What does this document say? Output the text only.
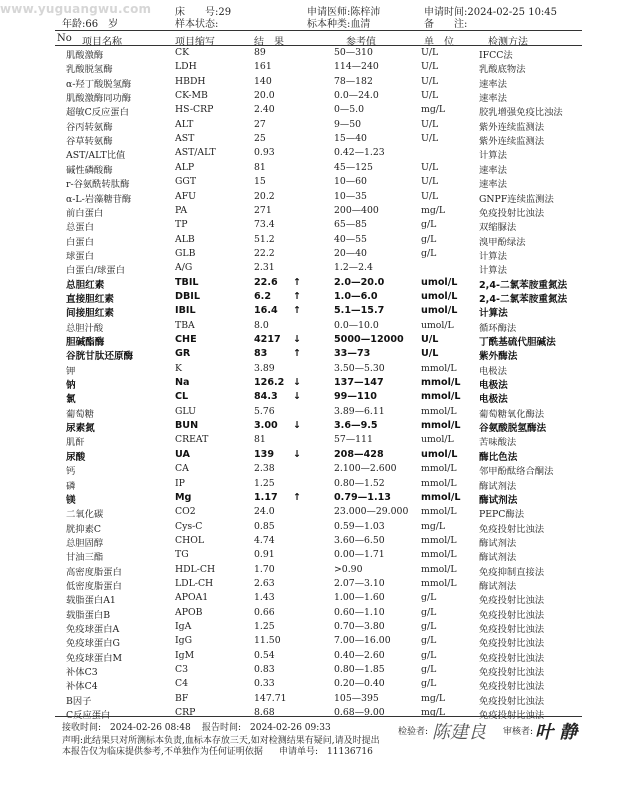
www.yuguangwu.com 床　　号:29	申请医师:陈梓沛	申请时间:2024-02-25 10:45
年龄:66　岁	样本状态:	标本种类:血清	备　　注:
No 项目名称	项目缩写	结　果	参考值	单　位	检测方法
肌酸激酶	CK	89	50—310	U/L	IFCC法
乳酸脱氢酶	LDH	161	114—240	U/L	乳酸底物法
α-羟丁酸脱氢酶	HBDH	140	78—182	U/L	速率法
肌酸激酶同功酶	CK-MB	20.0	0.0—24.0	U/L	速率法
超敏C反应蛋白	HS-CRP	2.40	0—5.0	mg/L	胶乳增强免疫比浊法
谷丙转氨酶	ALT	27	9—50	U/L	紫外连续监测法
谷草转氨酶	AST	25	15—40	U/L	紫外连续监测法
AST/ALT比值	AST/ALT	0.93	0.42—1.23	计算法
碱性磷酸酶	ALP	81	45—125	U/L	速率法
r-谷氨酰转肽酶	GGT	15	10—60	U/L	速率法
α-L-岩藻糖苷酶	AFU	20.2	10—35	U/L	GNPF连续监测法
前白蛋白	PA	271	200—400	mg/L	免疫投射比浊法
总蛋白	TP	73.4	65—85	g/L	双缩脲法
白蛋白	ALB	51.2	40—55	g/L	溴甲酚绿法
球蛋白	GLB	22.2	20—40	g/L	计算法
白蛋白/球蛋白	A/G	2.31	1.2—2.4	计算法
总胆红素	TBIL	22.6 ↑	2.0—20.0	umol/L 2,4-二氯苯胺重氮法
直接胆红素	DBIL	6.2 ↑	1.0—6.0	umol/L 2,4-二氯苯胺重氮法
间接胆红素	IBIL	16.4 ↑	5.1—15.7	umol/L 计算法
总胆汁酸	TBA	8.0	0.0—10.0	umol/L	循环酶法
胆碱酯酶	CHE	4217 ↓	5000—12000 U/L	丁酰基硫代胆碱法
谷胱甘肽还原酶	GR	83	↑	33—73	U/L	紫外酶法
钾	K	3.89	3.50—5.30	mmol/L 电极法
钠	Na	126.2 ↓	137—147	mmol/L 电极法
氯	CL	84.3 ↓	99—110	mmol/L 电极法
葡萄糖	GLU	5.76	3.89—6.11	mmol/L 葡萄糖氧化酶法
尿素氮	BUN	3.00 ↓	3.6—9.5	mmol/L 谷氨酸脱氢酶法
肌酐	CREAT	81	57—111	umol/L	苦味酸法
尿酸	UA	139 ↓	208—428	umol/L 酶比色法
钙	CA	2.38	2.100—2.600	mmol/L 邻甲酚酞络合酮法
磷	IP	1.25	0.80—1.52	mmol/L 酶试剂法
镁	Mg	1.17 ↑	0.79—1.13	mmol/L 酶试剂法
二氧化碳	CO2	24.0	23.000—29.000 mmol/L PEPC酶法
胱抑素C	Cys-C	0.85	0.59—1.03	mg/L	免疫投射比浊法
总胆固醇	CHOL	4.74	3.60—6.50	mmol/L 酶试剂法
甘油三酯	TG	0.91	0.00—1.71	mmol/L 酶试剂法
高密度脂蛋白	HDL-CH	1.70	>0.90	mmol/L 免疫抑制直接法
低密度脂蛋白	LDL-CH	2.63	2.07—3.10	mmol/L 酶试剂法
载脂蛋白A1	APOA1	1.43	1.00—1.60	g/L	免疫投射比浊法
载脂蛋白B	APOB	0.66	0.60—1.10	g/L	免疫投射比浊法
免疫球蛋白A	IgA	1.25	0.70—3.80	g/L	免疫投射比浊法
免疫球蛋白G	IgG	11.50	7.00—16.00	g/L	免疫投射比浊法
免疫球蛋白M	IgM	0.54	0.40—2.60	g/L	免疫投射比浊法
补体C3	C3	0.83	0.80—1.85	g/L	免疫投射比浊法
补体C4	C4	0.33	0.20—0.40	g/L	免疫投射比浊法
B因子	BF	147.71	105—395	mg/L	免疫投射比浊法
C反应蛋白	CRP	8.68	0.68—9.00	mg/L	免疫投射比浊法
接收时间:　2024-02-26 08:48 报告时间:　2024-02-26 09:33	检验者: 陈建良 审核者: 叶 静
声明:此结果只对所测标本负责,血标本存放三天,如对检测结果有疑问,请及时提出
本报告仅为临床提供参考,不单独作为任何证明依据 申请单号:　11136716
